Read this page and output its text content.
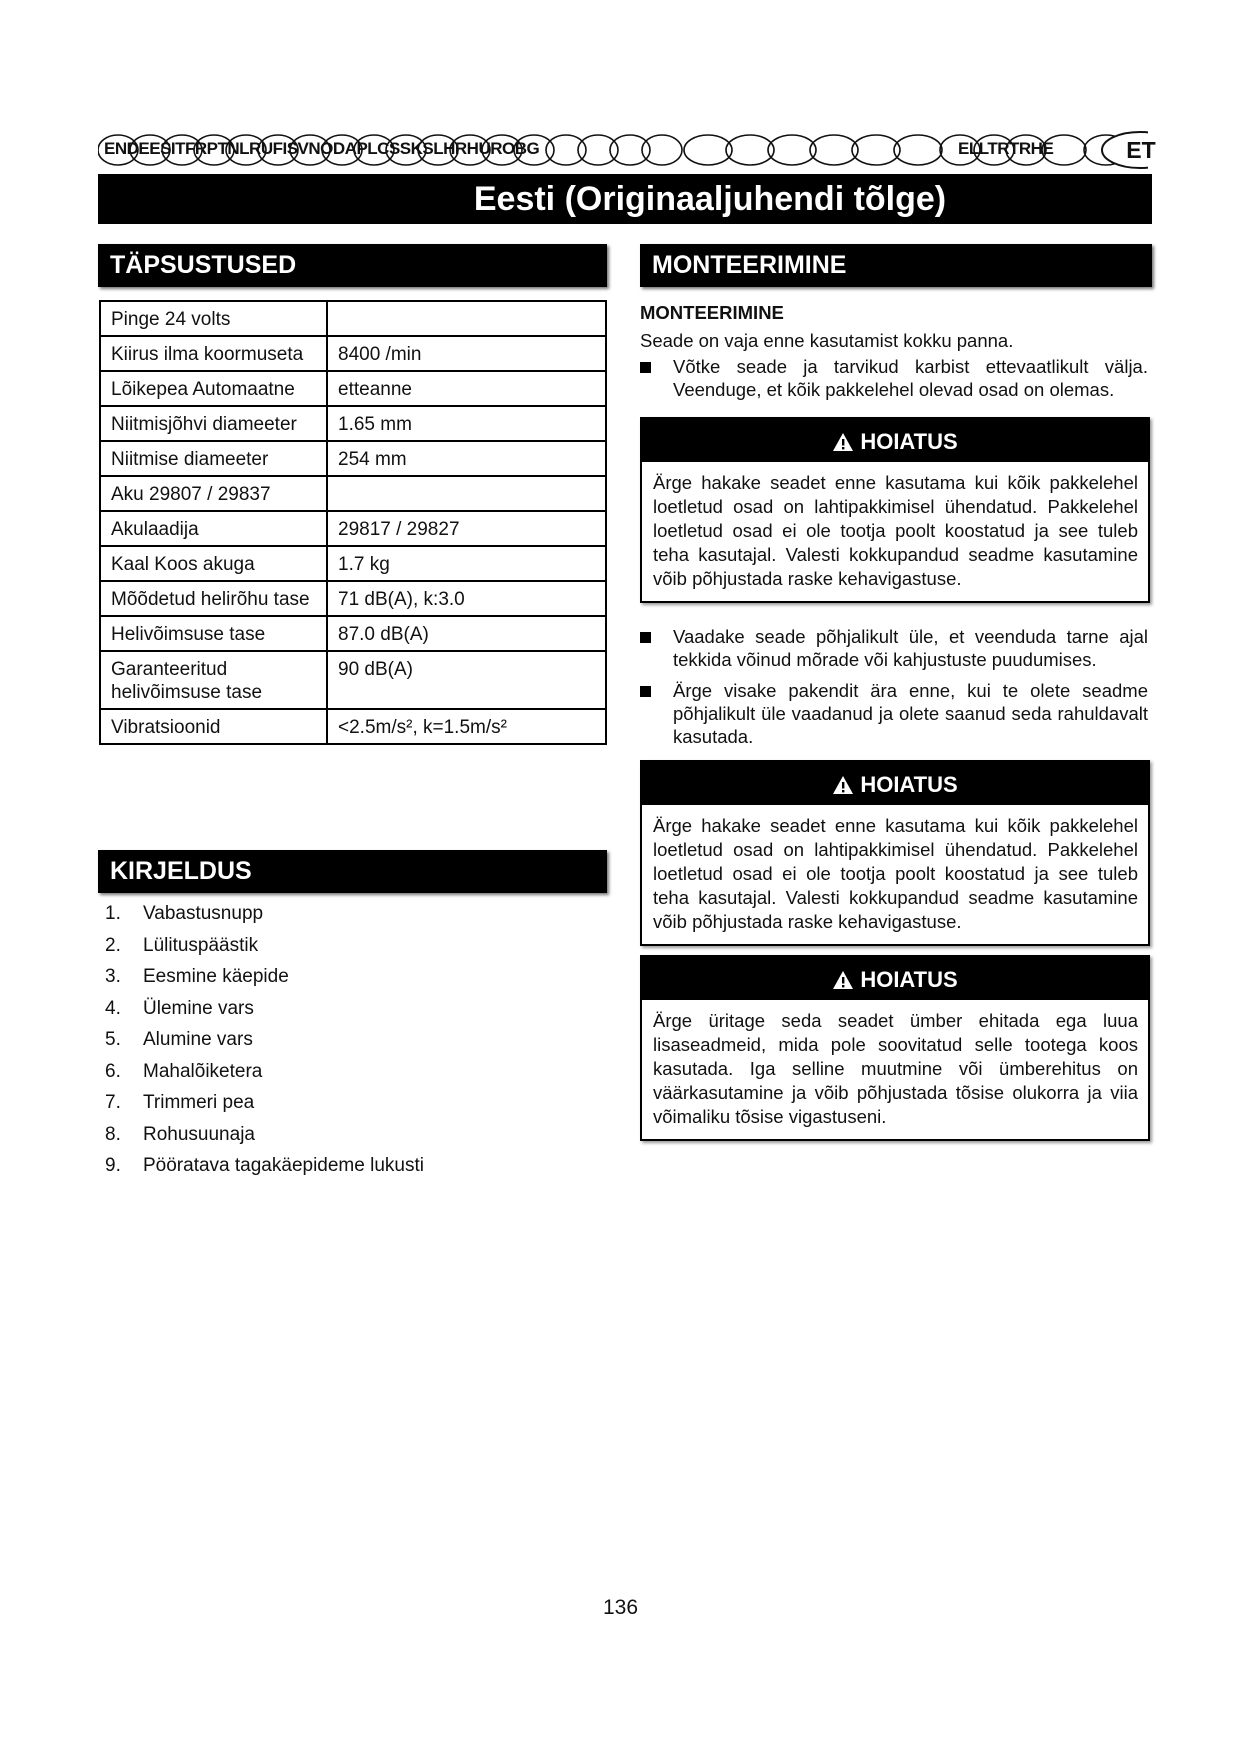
ENDEESITFRPTNLRUFISVNODAPLCSSKSLHRHUROBG	ELLTRTRHE	ET
Eesti (Originaaljuhendi tõlge)
TÄPSUSTUSED
Pinge 24 volts	
Kiirus ilma koormuseta	8400 /min
Lõikepea Automaatne	etteanne
Niitmisjõhvi diameeter	1.65 mm
Niitmise diameeter	254 mm
Aku 29807 / 29837	
Akulaadija	29817 / 29827
Kaal Koos akuga	1.7 kg
Mõõdetud helirõhu tase	71 dB(A), k:3.0
Helivõimsuse tase	87.0 dB(A)
Garanteeritud helivõimsuse tase	90 dB(A)
Vibratsioonid	<2.5m/s², k=1.5m/s²
KIRJELDUS
1. Vabastusnupp
2. Lülituspäästik
3. Eesmine käepide
4. Ülemine vars
5. Alumine vars
6. Mahalõiketera
7. Trimmeri pea
8. Rohusuunaja
9. Pööratava tagakäepideme lukusti
MONTEERIMINE
MONTEERIMINE
Seade on vaja enne kasutamist kokku panna.
Võtke seade ja tarvikud karbist ettevaatlikult välja. Veenduge, et kõik pakkelehel olevad osad on olemas.
HOIATUS
Ärge hakake seadet enne kasutama kui kõik pakkelehel loetletud osad on lahtipakkimisel ühendatud. Pakkelehel loetletud osad ei ole tootja poolt koostatud ja see tuleb teha kasutajal. Valesti kokkupandud seadme kasutamine võib põhjustada raske kehavigastuse.
Vaadake seade põhjalikult üle, et veenduda tarne ajal tekkida võinud mõrade või kahjustuste puudumises.
Ärge visake pakendit ära enne, kui te olete seadme põhjalikult üle vaadanud ja olete saanud seda rahuldavalt kasutada.
HOIATUS
Ärge hakake seadet enne kasutama kui kõik pakkelehel loetletud osad on lahtipakkimisel ühendatud. Pakkelehel loetletud osad ei ole tootja poolt koostatud ja see tuleb teha kasutajal. Valesti kokkupandud seadme kasutamine võib põhjustada raske kehavigastuse.
HOIATUS
Ärge üritage seda seadet ümber ehitada ega luua lisaseadmeid, mida pole soovitatud selle tootega koos kasutada. Iga selline muutmine või ümberehitus on väärkasutamine ja võib põhjustada tõsise olukorra ja viia võimaliku tõsise vigastuseni.
136
